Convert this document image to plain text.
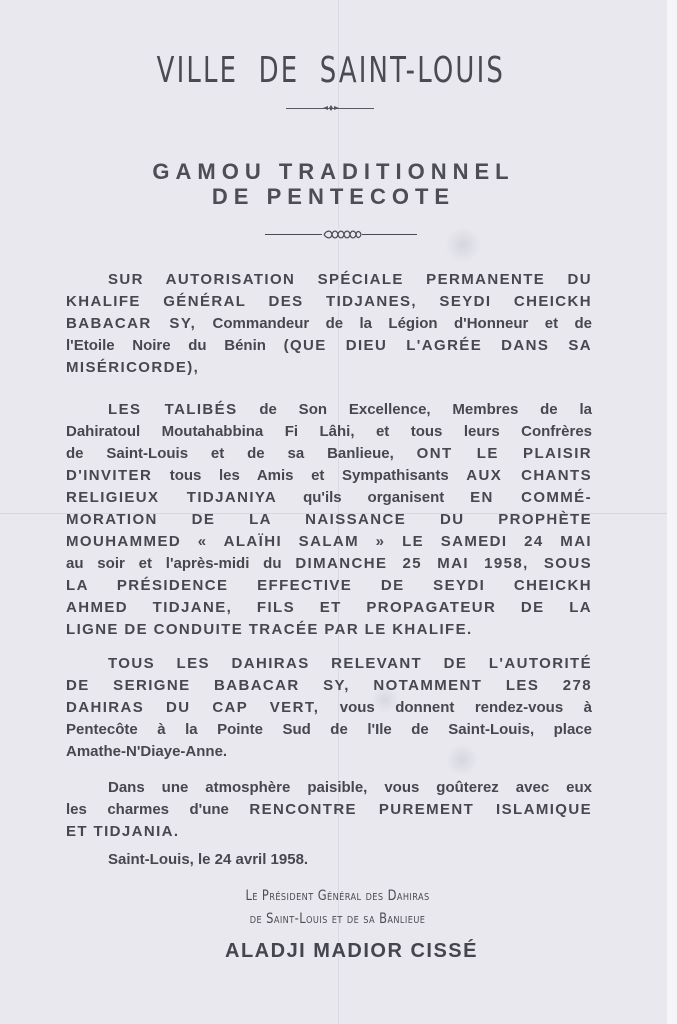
VILLE DE SAINT-LOUIS
GAMOU TRADITIONNEL
DE PENTECOTE
SUR AUTORISATION SPÉCIALE PERMANENTE DU
KHALIFE GÉNÉRAL DES TIDJANES, SEYDI CHEICKH
BABACAR SY, Commandeur de la Légion d'Honneur et de
l'Etoile Noire du Bénin (QUE DIEU L'AGRÉE DANS SA
MISÉRICORDE),
LES TALIBÉS de Son Excellence, Membres de la
Dahiratoul Moutahabbina Fi Lâhi, et tous leurs Confrères
de Saint-Louis et de sa Banlieue, ONT LE PLAISIR
D'INVITER tous les Amis et Sympathisants AUX CHANTS
RELIGIEUX TIDJANIYA qu'ils organisent EN COMMÉ-
MORATION DE LA NAISSANCE DU PROPHÈTE
MOUHAMMED « ALAÏHI SALAM » LE SAMEDI 24 MAI
au soir et l'après-midi du DIMANCHE 25 MAI 1958, SOUS
LA PRÉSIDENCE EFFECTIVE DE SEYDI CHEICKH
AHMED TIDJANE, FILS ET PROPAGATEUR DE LA
LIGNE DE CONDUITE TRACÉE PAR LE KHALIFE.
TOUS LES DAHIRAS RELEVANT DE L'AUTORITÉ
DE SERIGNE BABACAR SY, NOTAMMENT LES 278
DAHIRAS DU CAP VERT, vous donnent rendez-vous à
Pentecôte à la Pointe Sud de l'Ile de Saint-Louis, place
Amathe-N'Diaye-Anne.
Dans une atmosphère paisible, vous goûterez avec eux
les charmes d'une RENCONTRE PUREMENT ISLAMIQUE
ET TIDJANIA.
Saint-Louis, le 24 avril 1958.
Le Président Général des Dahiras
de Saint-Louis et de sa Banlieue
ALADJI MADIOR CISSÉ
